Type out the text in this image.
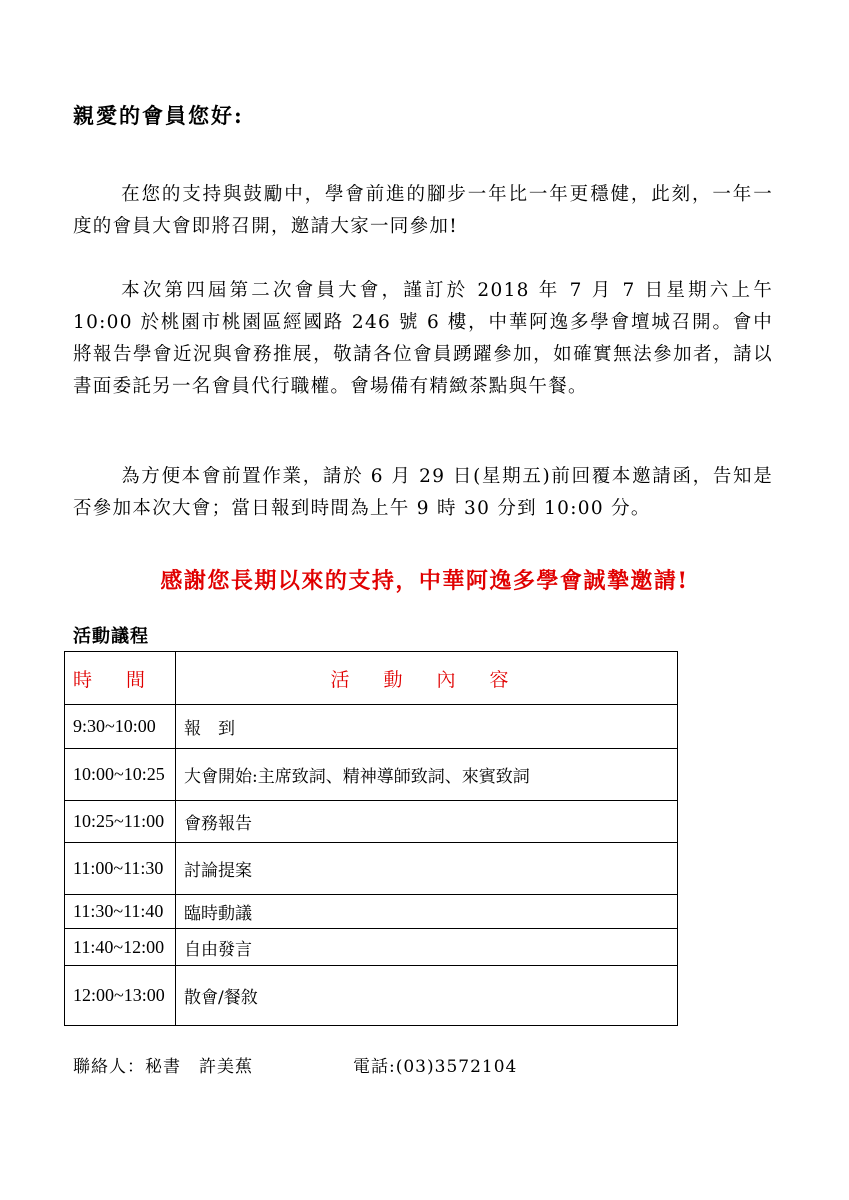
親愛的會員您好:

在您的支持與鼓勵中，學會前進的腳步一年比一年更穩健，此刻，一年一度的會員大會即將召開，邀請大家一同參加!

本次第四屆第二次會員大會，謹訂於 2018 年 7 月 7 日星期六上午 10:00 於桃園市桃園區經國路 246 號 6 樓，中華阿逸多學會壇城召開。會中將報告學會近況與會務推展，敬請各位會員踴躍參加，如確實無法參加者，請以書面委託另一名會員代行職權。會場備有精緻茶點與午餐。

為方便本會前置作業，請於 6 月 29 日(星期五)前回覆本邀請函，告知是否參加本次大會；當日報到時間為上午 9 時 30 分到 10:00 分。

感謝您長期以來的支持，中華阿逸多學會誠摯邀請!
活動議程
時 間	活 動 內 容
9:30~10:00	報　到
10:00~10:25	大會開始:主席致詞、精神導師致詞、來賓致詞
10:25~11:00	會務報告
11:00~11:30	討論提案
11:30~11:40	臨時動議
11:40~12:00	自由發言
12:00~13:00	散會/餐敘
聯絡人：秘書　許美蕉	電話:(03)3572104
